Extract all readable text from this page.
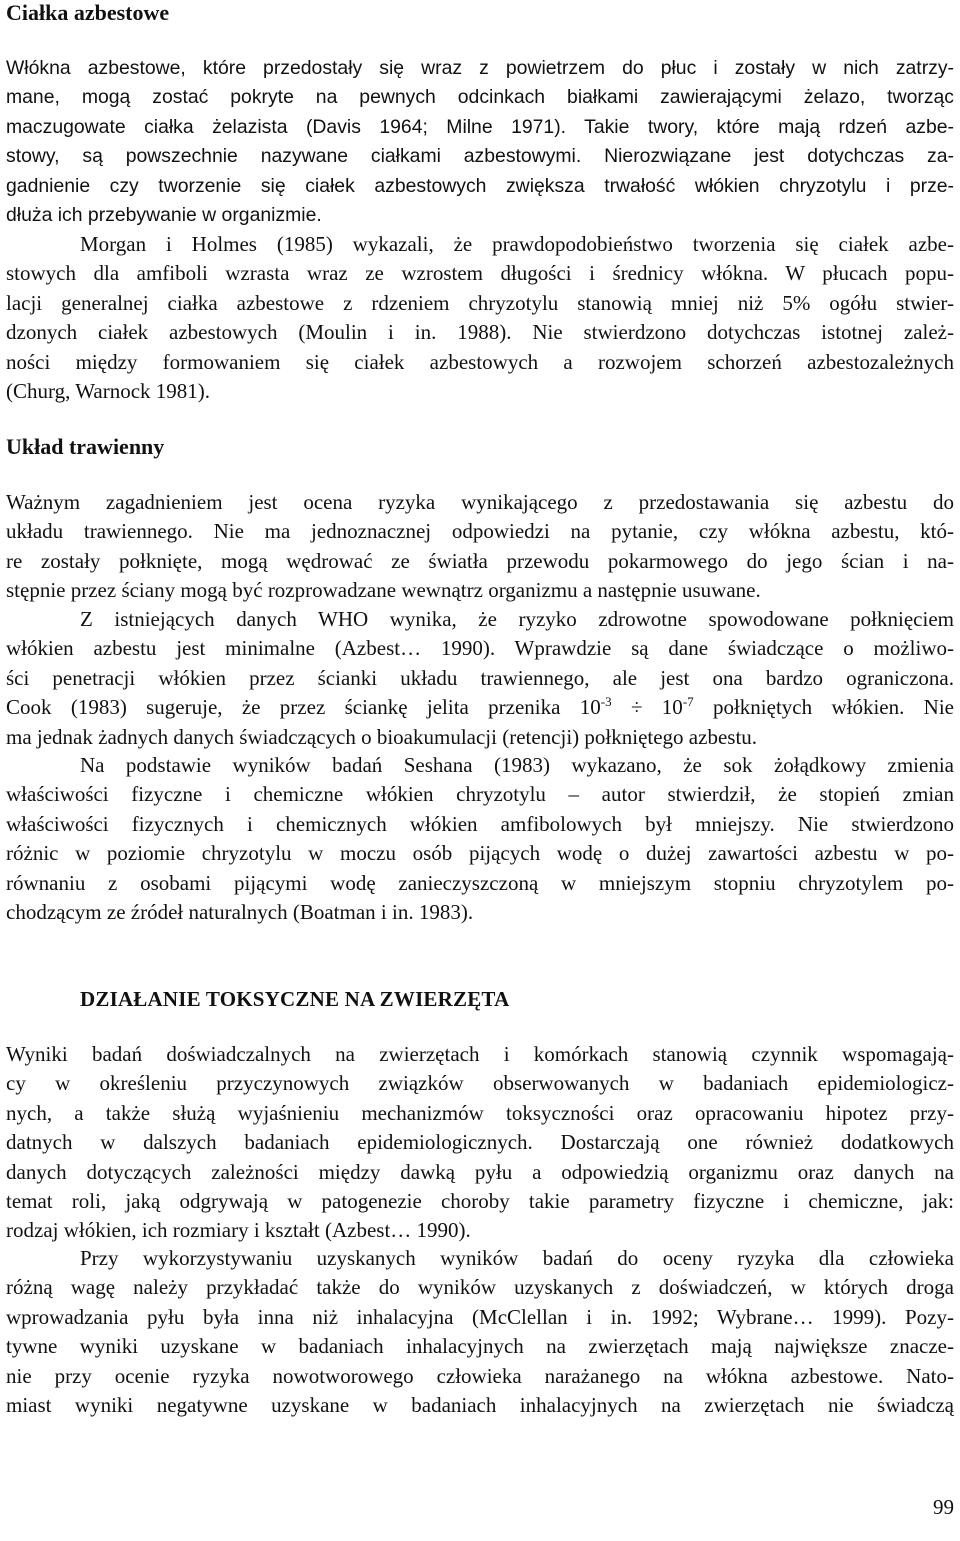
Ciałka azbestowe
Włókna azbestowe, które przedostały się wraz z powietrzem do płuc i zostały w nich zatrzy-
mane, mogą zostać pokryte na pewnych odcinkach białkami zawierającymi żelazo, tworząc
maczugowate ciałka żelazista (Davis 1964; Milne 1971). Takie twory, które mają rdzeń azbe-
stowy, są powszechnie nazywane ciałkami azbestowymi. Nierozwiązane jest dotychczas za-
gadnienie czy tworzenie się ciałek azbestowych zwiększa trwałość włókien chryzotylu i prze-
dłuża ich przebywanie w organizmie.
Morgan i Holmes (1985) wykazali, że prawdopodobieństwo tworzenia się ciałek azbe-
stowych dla amfiboli wzrasta wraz ze wzrostem długości i średnicy włókna. W płucach popu-
lacji generalnej ciałka azbestowe z rdzeniem chryzotylu stanowią mniej niż 5% ogółu stwier-
dzonych ciałek azbestowych (Moulin i in. 1988). Nie stwierdzono dotychczas istotnej zależ-
ności między formowaniem się ciałek azbestowych a rozwojem schorzeń azbestozależnych
(Churg, Warnock 1981).
Układ trawienny
Ważnym zagadnieniem jest ocena ryzyka wynikającego z przedostawania się azbestu do
układu trawiennego. Nie ma jednoznacznej odpowiedzi na pytanie, czy włókna azbestu, któ-
re zostały połknięte, mogą wędrować ze światła przewodu pokarmowego do jego ścian i na-
stępnie przez ściany mogą być rozprowadzane wewnątrz organizmu a następnie usuwane.
Z istniejących danych WHO wynika, że ryzyko zdrowotne spowodowane połknięciem
włókien azbestu jest minimalne (Azbest… 1990). Wprawdzie są dane świadczące o możliwo-
ści penetracji włókien przez ścianki układu trawiennego, ale jest ona bardzo ograniczona.
Cook (1983) sugeruje, że przez ściankę jelita przenika $10^{-3} \div 10^{-7}$ połkniętych włókien. Nie
ma jednak żadnych danych świadczących o bioakumulacji (retencji) połkniętego azbestu.
Na podstawie wyników badań Seshana (1983) wykazano, że sok żołądkowy zmienia
właściwości fizyczne i chemiczne włókien chryzotylu – autor stwierdził, że stopień zmian
właściwości fizycznych i chemicznych włókien amfibolowych był mniejszy. Nie stwierdzono
różnic w poziomie chryzotylu w moczu osób pijących wodę o dużej zawartości azbestu w po-
równaniu z osobami pijącymi wodę zanieczyszczoną w mniejszym stopniu chryzotylem po-
chodzącym ze źródeł naturalnych (Boatman i in. 1983).
DZIAŁANIE TOKSYCZNE NA ZWIERZĘTA
Wyniki badań doświadczalnych na zwierzętach i komórkach stanowią czynnik wspomagają-
cy w określeniu przyczynowych związków obserwowanych w badaniach epidemiologicz-
nych, a także służą wyjaśnieniu mechanizmów toksyczności oraz opracowaniu hipotez przy-
datnych w dalszych badaniach epidemiologicznych. Dostarczają one również dodatkowych
danych dotyczących zależności między dawką pyłu a odpowiedzią organizmu oraz danych na
temat roli, jaką odgrywają w patogenezie choroby takie parametry fizyczne i chemiczne, jak:
rodzaj włókien, ich rozmiary i kształt (Azbest… 1990).
Przy wykorzystywaniu uzyskanych wyników badań do oceny ryzyka dla człowieka
różną wagę należy przykładać także do wyników uzyskanych z doświadczeń, w których droga
wprowadzania pyłu była inna niż inhalacyjna (McClellan i in. 1992; Wybrane… 1999). Pozy-
tywne wyniki uzyskane w badaniach inhalacyjnych na zwierzętach mają największe znacze-
nie przy ocenie ryzyka nowotworowego człowieka narażanego na włókna azbestowe. Nato-
miast wyniki negatywne uzyskane w badaniach inhalacyjnych na zwierzętach nie świadczą

99
